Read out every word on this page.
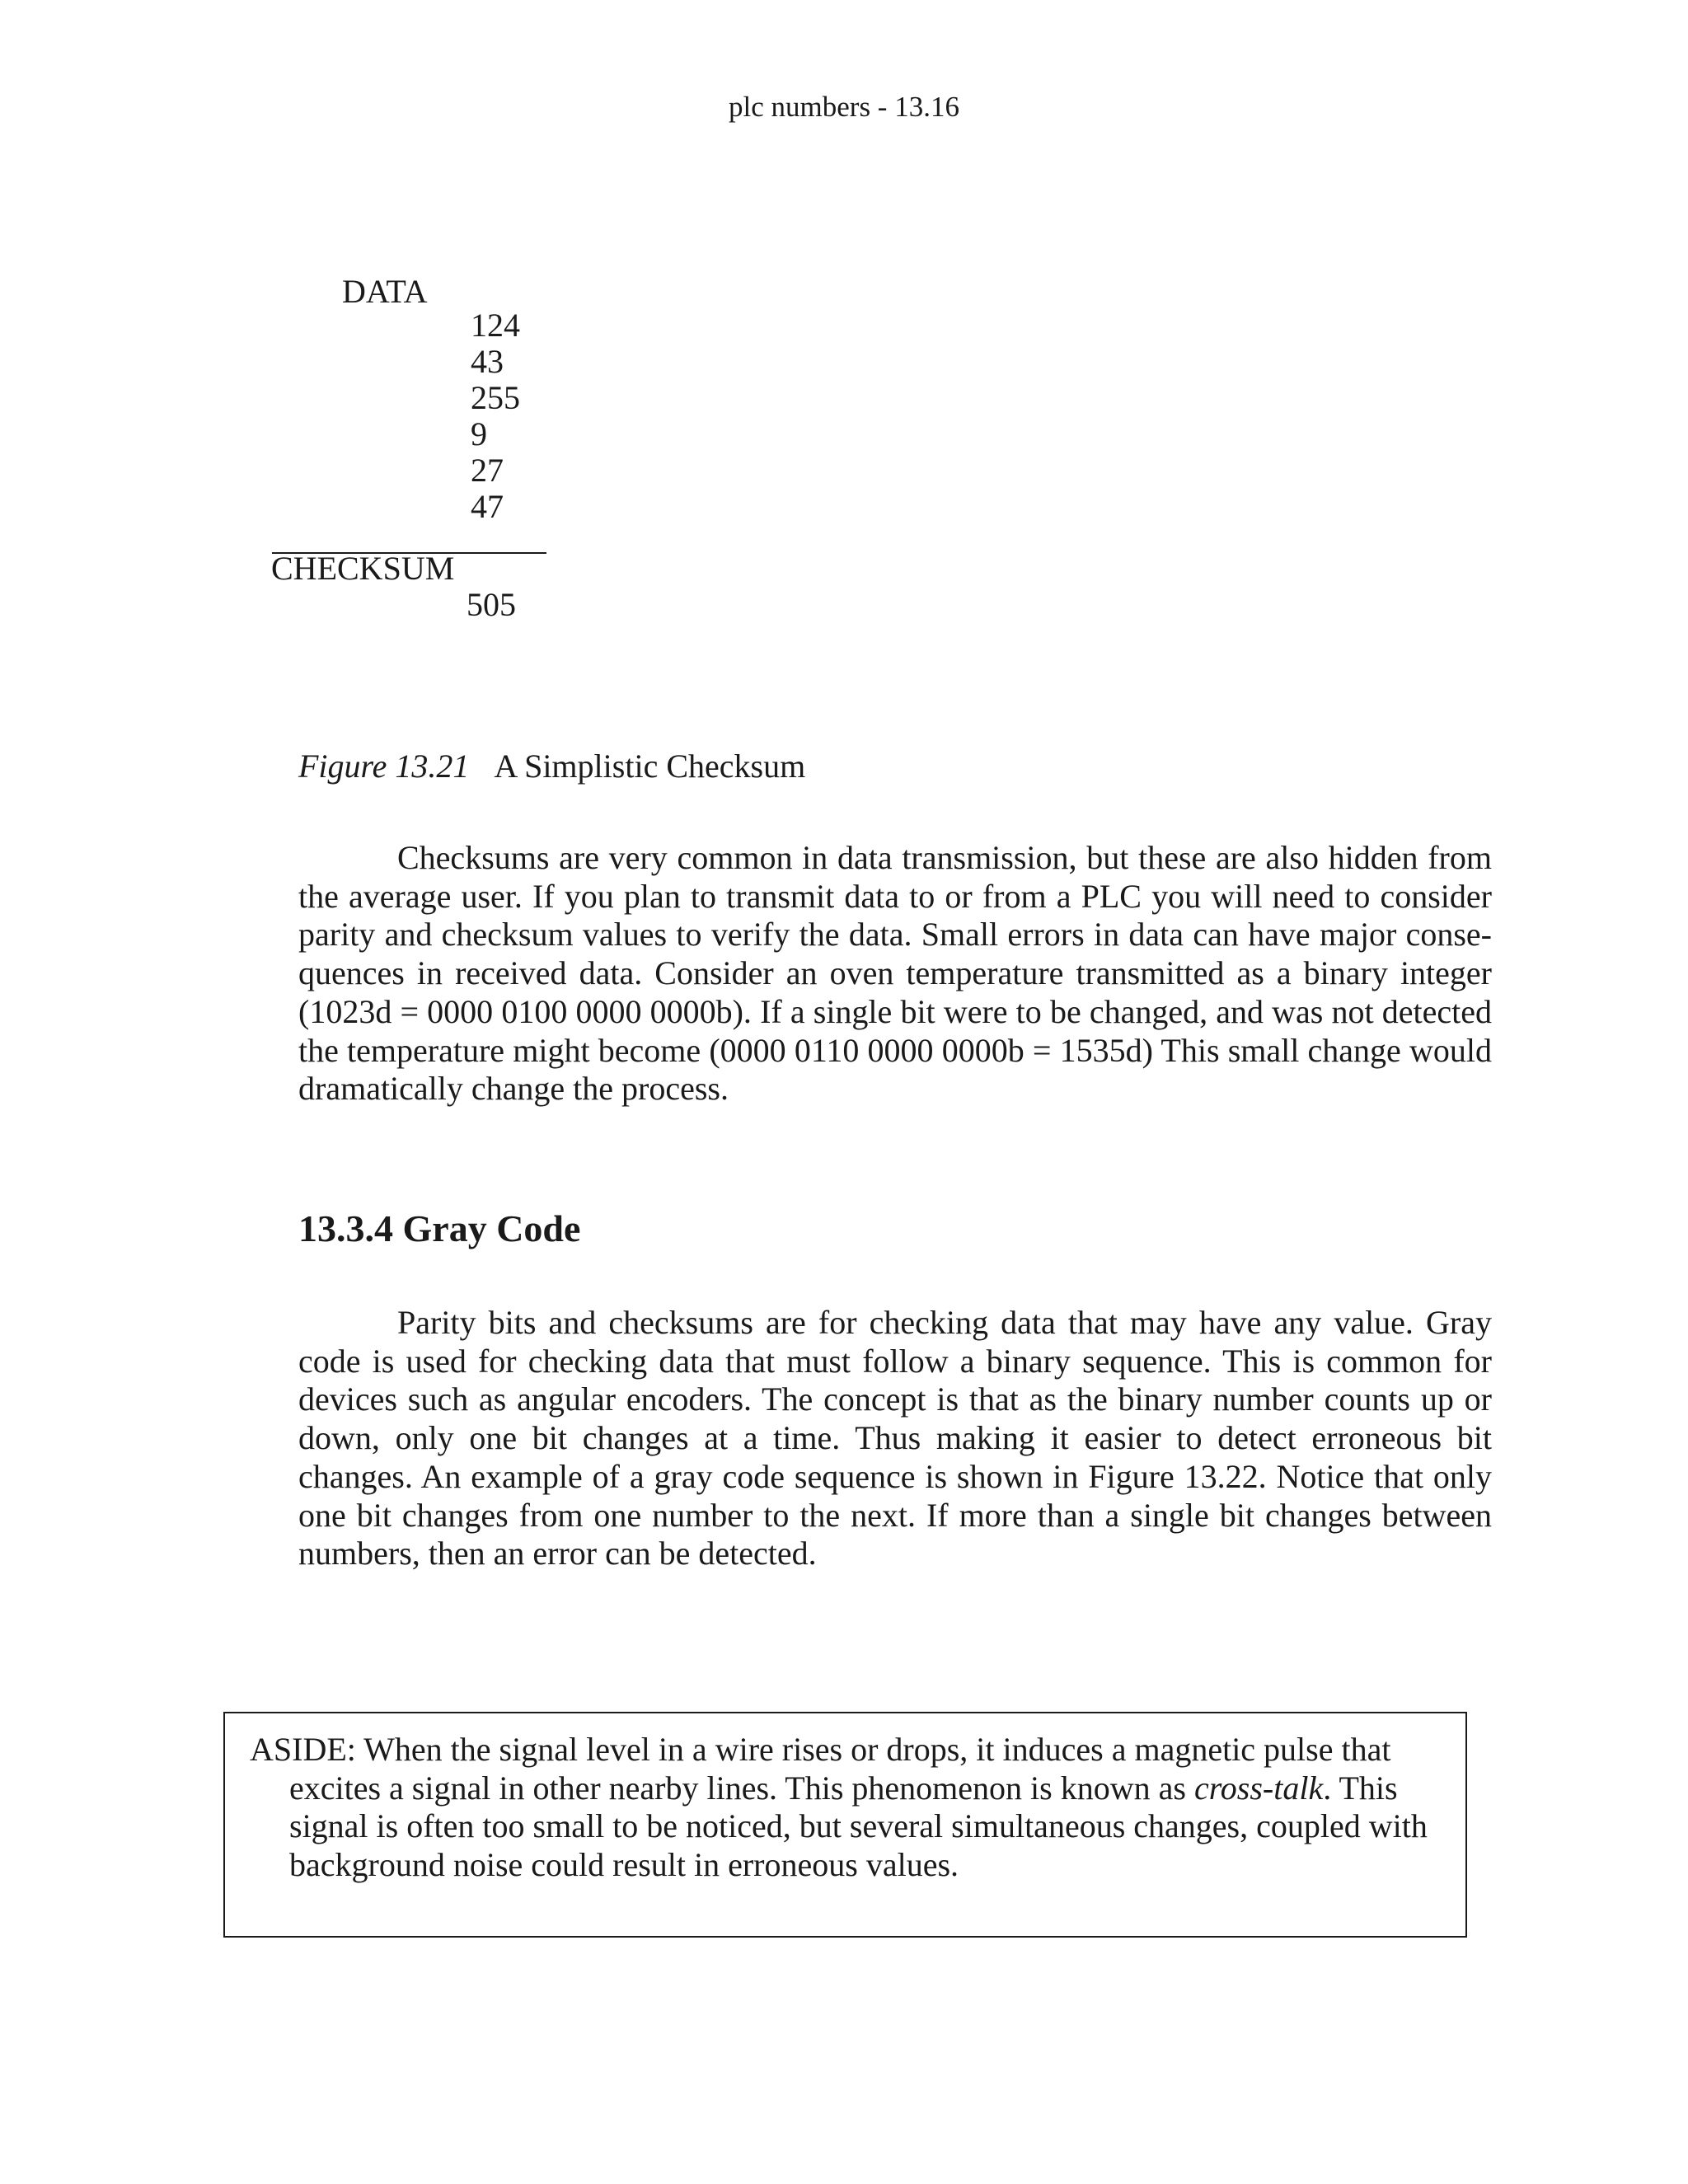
plc numbers - 13.16
DATA
124
43
255
9
27
47
CHECKSUM
505
Figure 13.21 A Simplistic Checksum

Checksums are very common in data transmission, but these are also hidden from the average user. If you plan to transmit data to or from a PLC you will need to consider parity and checksum values to verify the data. Small errors in data can have major conse-quences in received data. Consider an oven temperature transmitted as a binary integer (1023d = 0000 0100 0000 0000b). If a single bit were to be changed, and was not detected the temperature might become (0000 0110 0000 0000b = 1535d) This small change would dramatically change the process.

13.3.4 Gray Code

Parity bits and checksums are for checking data that may have any value. Gray code is used for checking data that must follow a binary sequence. This is common for devices such as angular encoders. The concept is that as the binary number counts up or down, only one bit changes at a time. Thus making it easier to detect erroneous bit changes. An example of a gray code sequence is shown in Figure 13.22. Notice that only one bit changes from one number to the next. If more than a single bit changes between numbers, then an error can be detected.

ASIDE: When the signal level in a wire rises or drops, it induces a magnetic pulse that excites a signal in other nearby lines. This phenomenon is known as cross-talk. This signal is often too small to be noticed, but several simultaneous changes, coupled with background noise could result in erroneous values.
